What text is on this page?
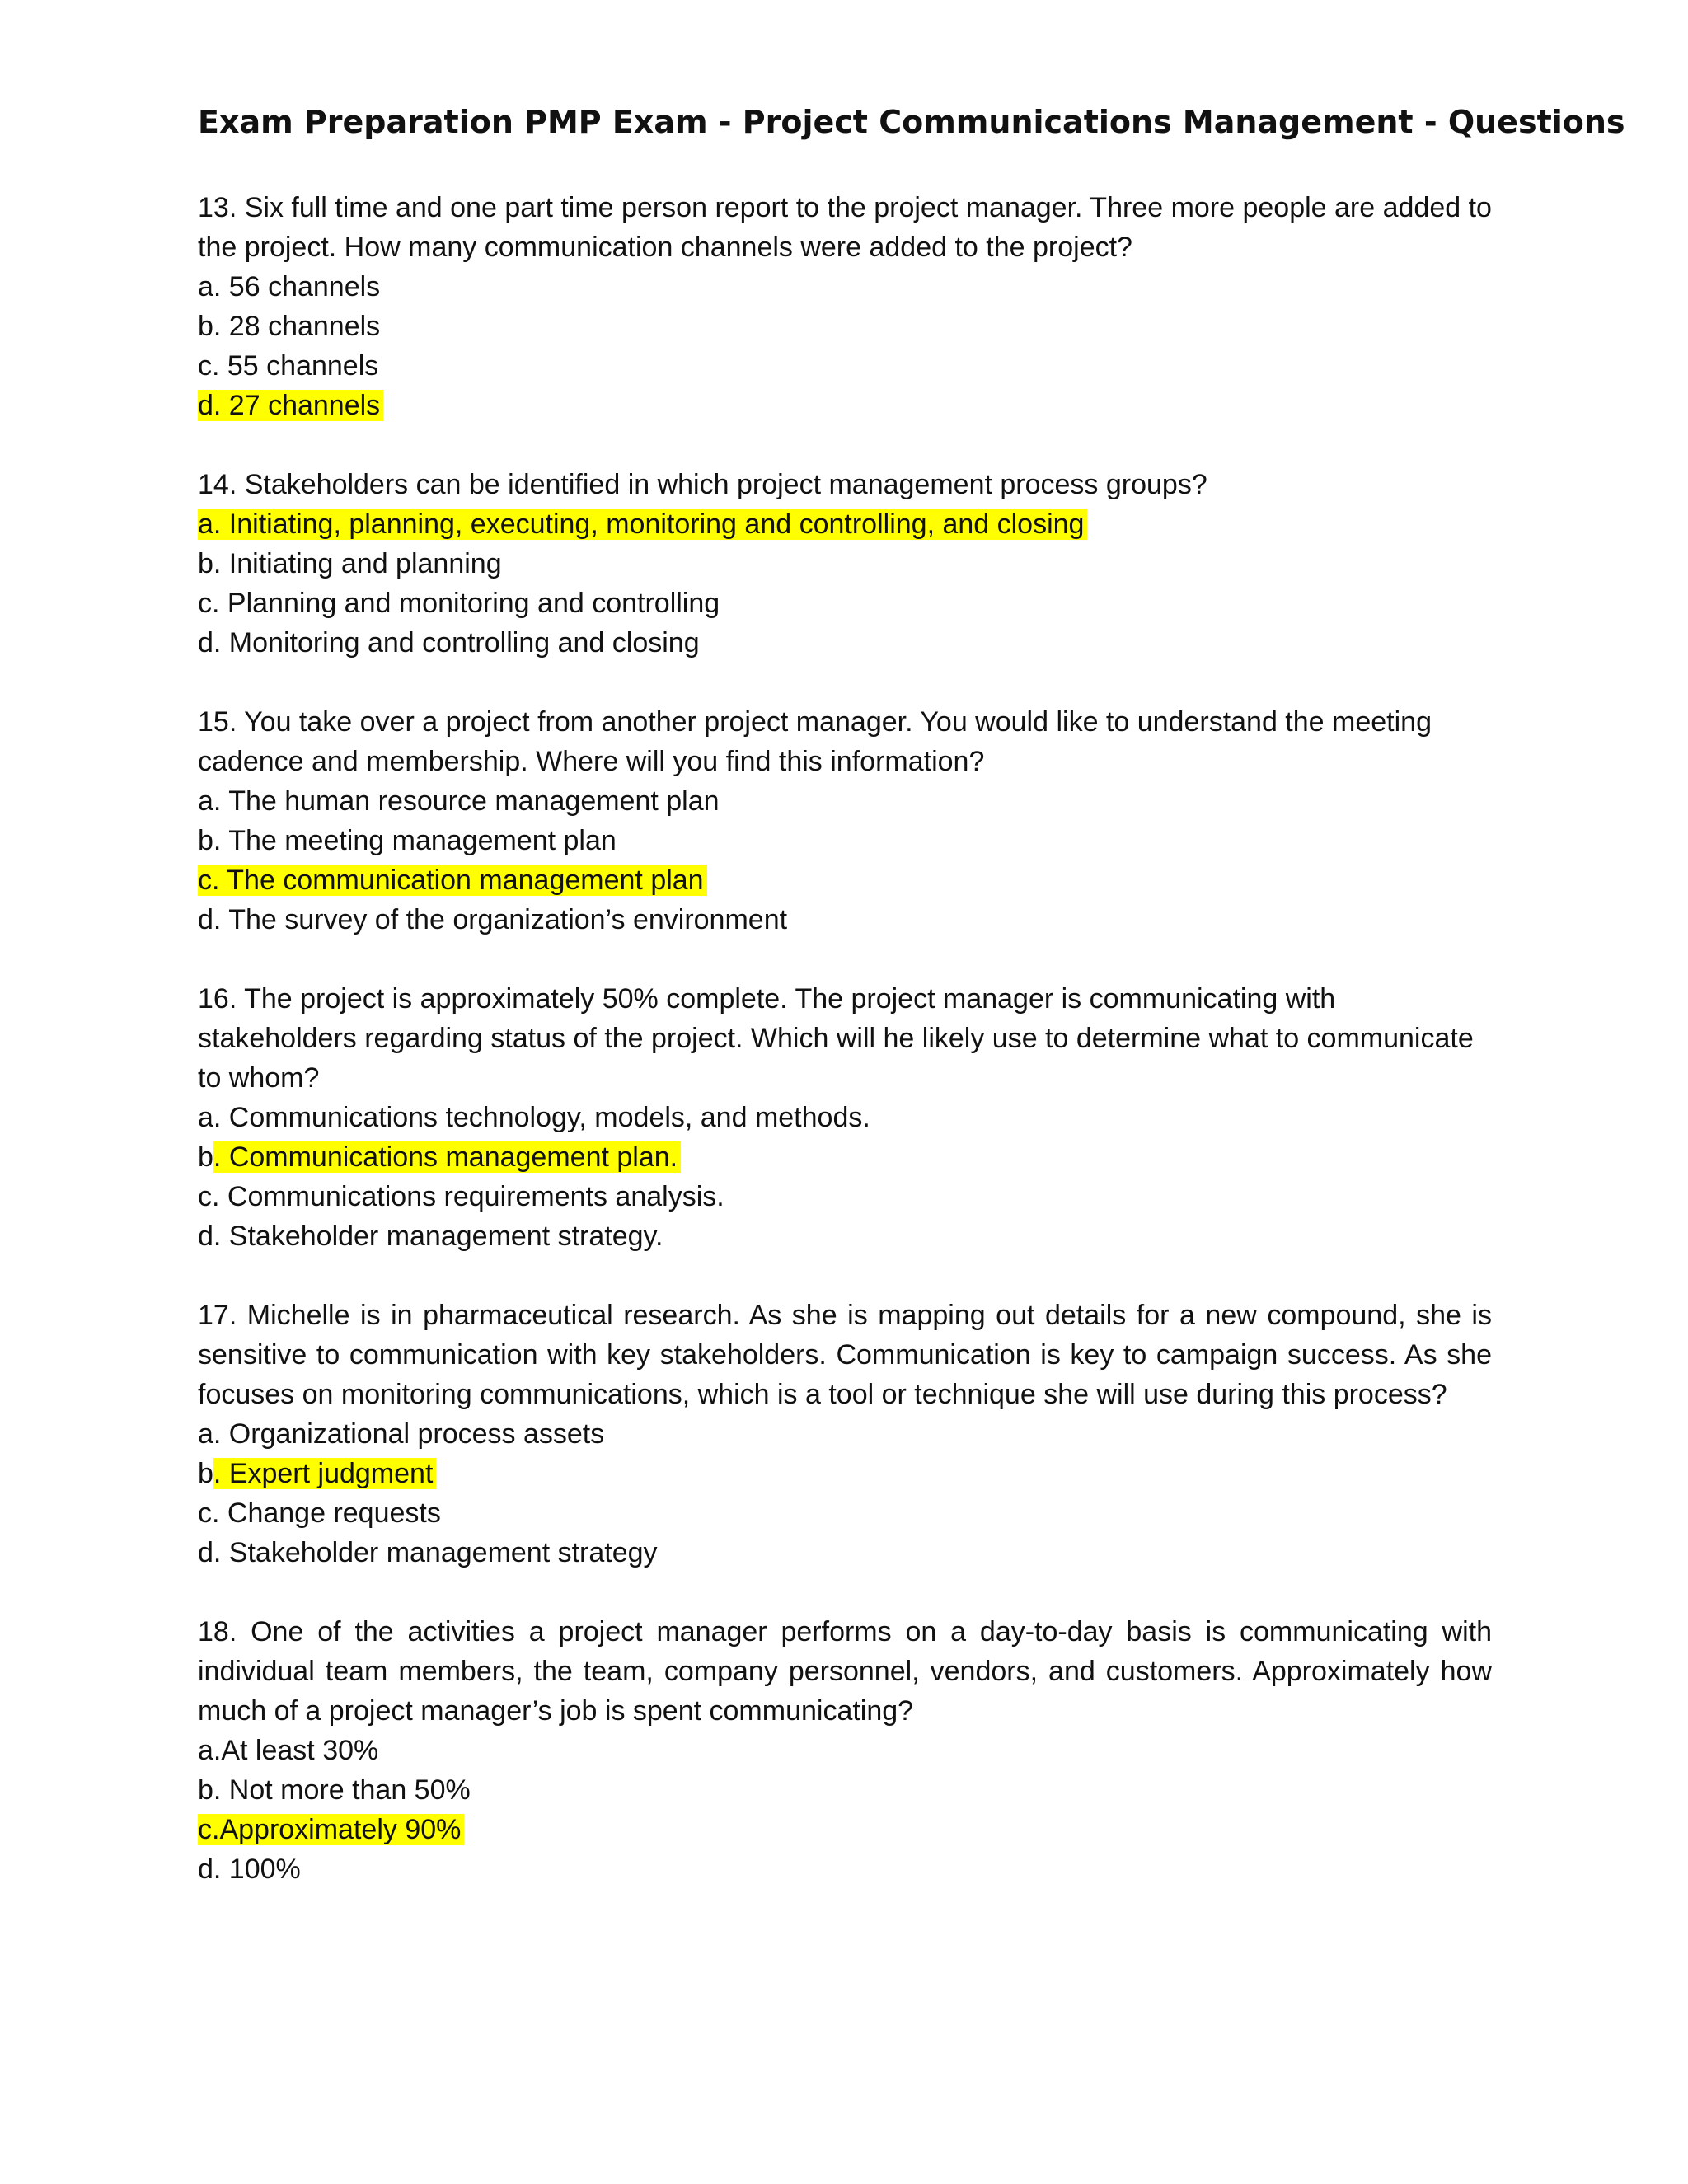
Exam Preparation PMP Exam - Project Communications Management - Questions

13. Six full time and one part time person report to the project manager. Three more people are added to the project. How many communication channels were added to the project?

a. 56 channels
b. 28 channels
c. 55 channels
d. 27 channels

14. Stakeholders can be identified in which project management process groups?

a. Initiating, planning, executing, monitoring and controlling, and closing
b. Initiating and planning
c. Planning and monitoring and controlling
d. Monitoring and controlling and closing

15. You take over a project from another project manager. You would like to understand the meeting cadence and membership. Where will you find this information?

a. The human resource management plan
b. The meeting management plan
c. The communication management plan
d. The survey of the organization’s environment

16. The project is approximately 50% complete. The project manager is communicating with stakeholders regarding status of the project. Which will he likely use to determine what to communicate to whom?

a. Communications technology, models, and methods.
b. Communications management plan.
c. Communications requirements analysis.
d. Stakeholder management strategy.

17. Michelle is in pharmaceutical research. As she is mapping out details for a new compound, she is sensitive to communication with key stakeholders. Communication is key to campaign success. As she focuses on monitoring communications, which is a tool or technique she will use during this process?

a. Organizational process assets
b. Expert judgment
c. Change requests
d. Stakeholder management strategy

18. One of the activities a project manager performs on a day-to-day basis is communicating with individual team members, the team, company personnel, vendors, and customers. Approximately how much of a project manager’s job is spent communicating?

a.At least 30%
b. Not more than 50%
c.Approximately 90%
d. 100%
